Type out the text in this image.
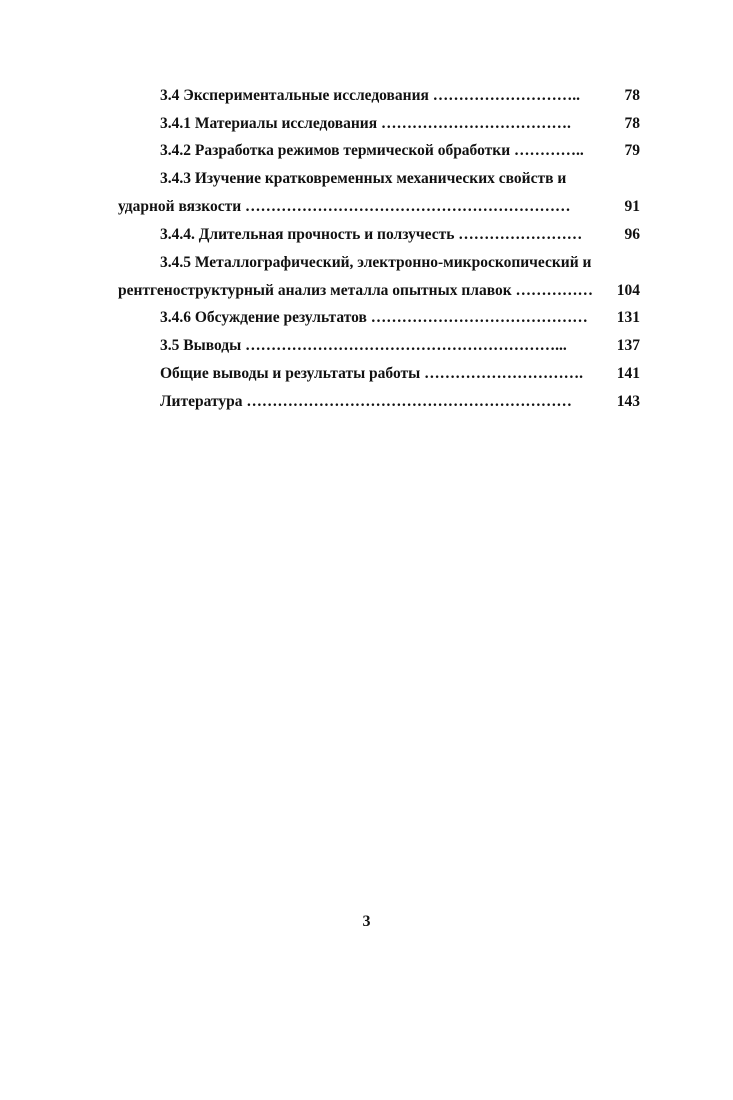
3.4 Экспериментальные исследования ………………………..	78
3.4.1 Материалы исследования ……………………………….	78
3.4.2 Разработка режимов термической обработки …………..	79
3.4.3 Изучение кратковременных механических свойств и
ударной вязкости ………………………………………………………	91
3.4.4. Длительная прочность и ползучесть ……………………	96
3.4.5 Металлографический, электронно-микроскопический и
рентгеноструктурный анализ металла опытных плавок ……………	104
3.4.6 Обсуждение результатов ……………………………………	131
3.5 Выводы ……………………………………………………...	137
Общие выводы и результаты работы ………………………….	141
Литература ………………………………………………………	143
3
